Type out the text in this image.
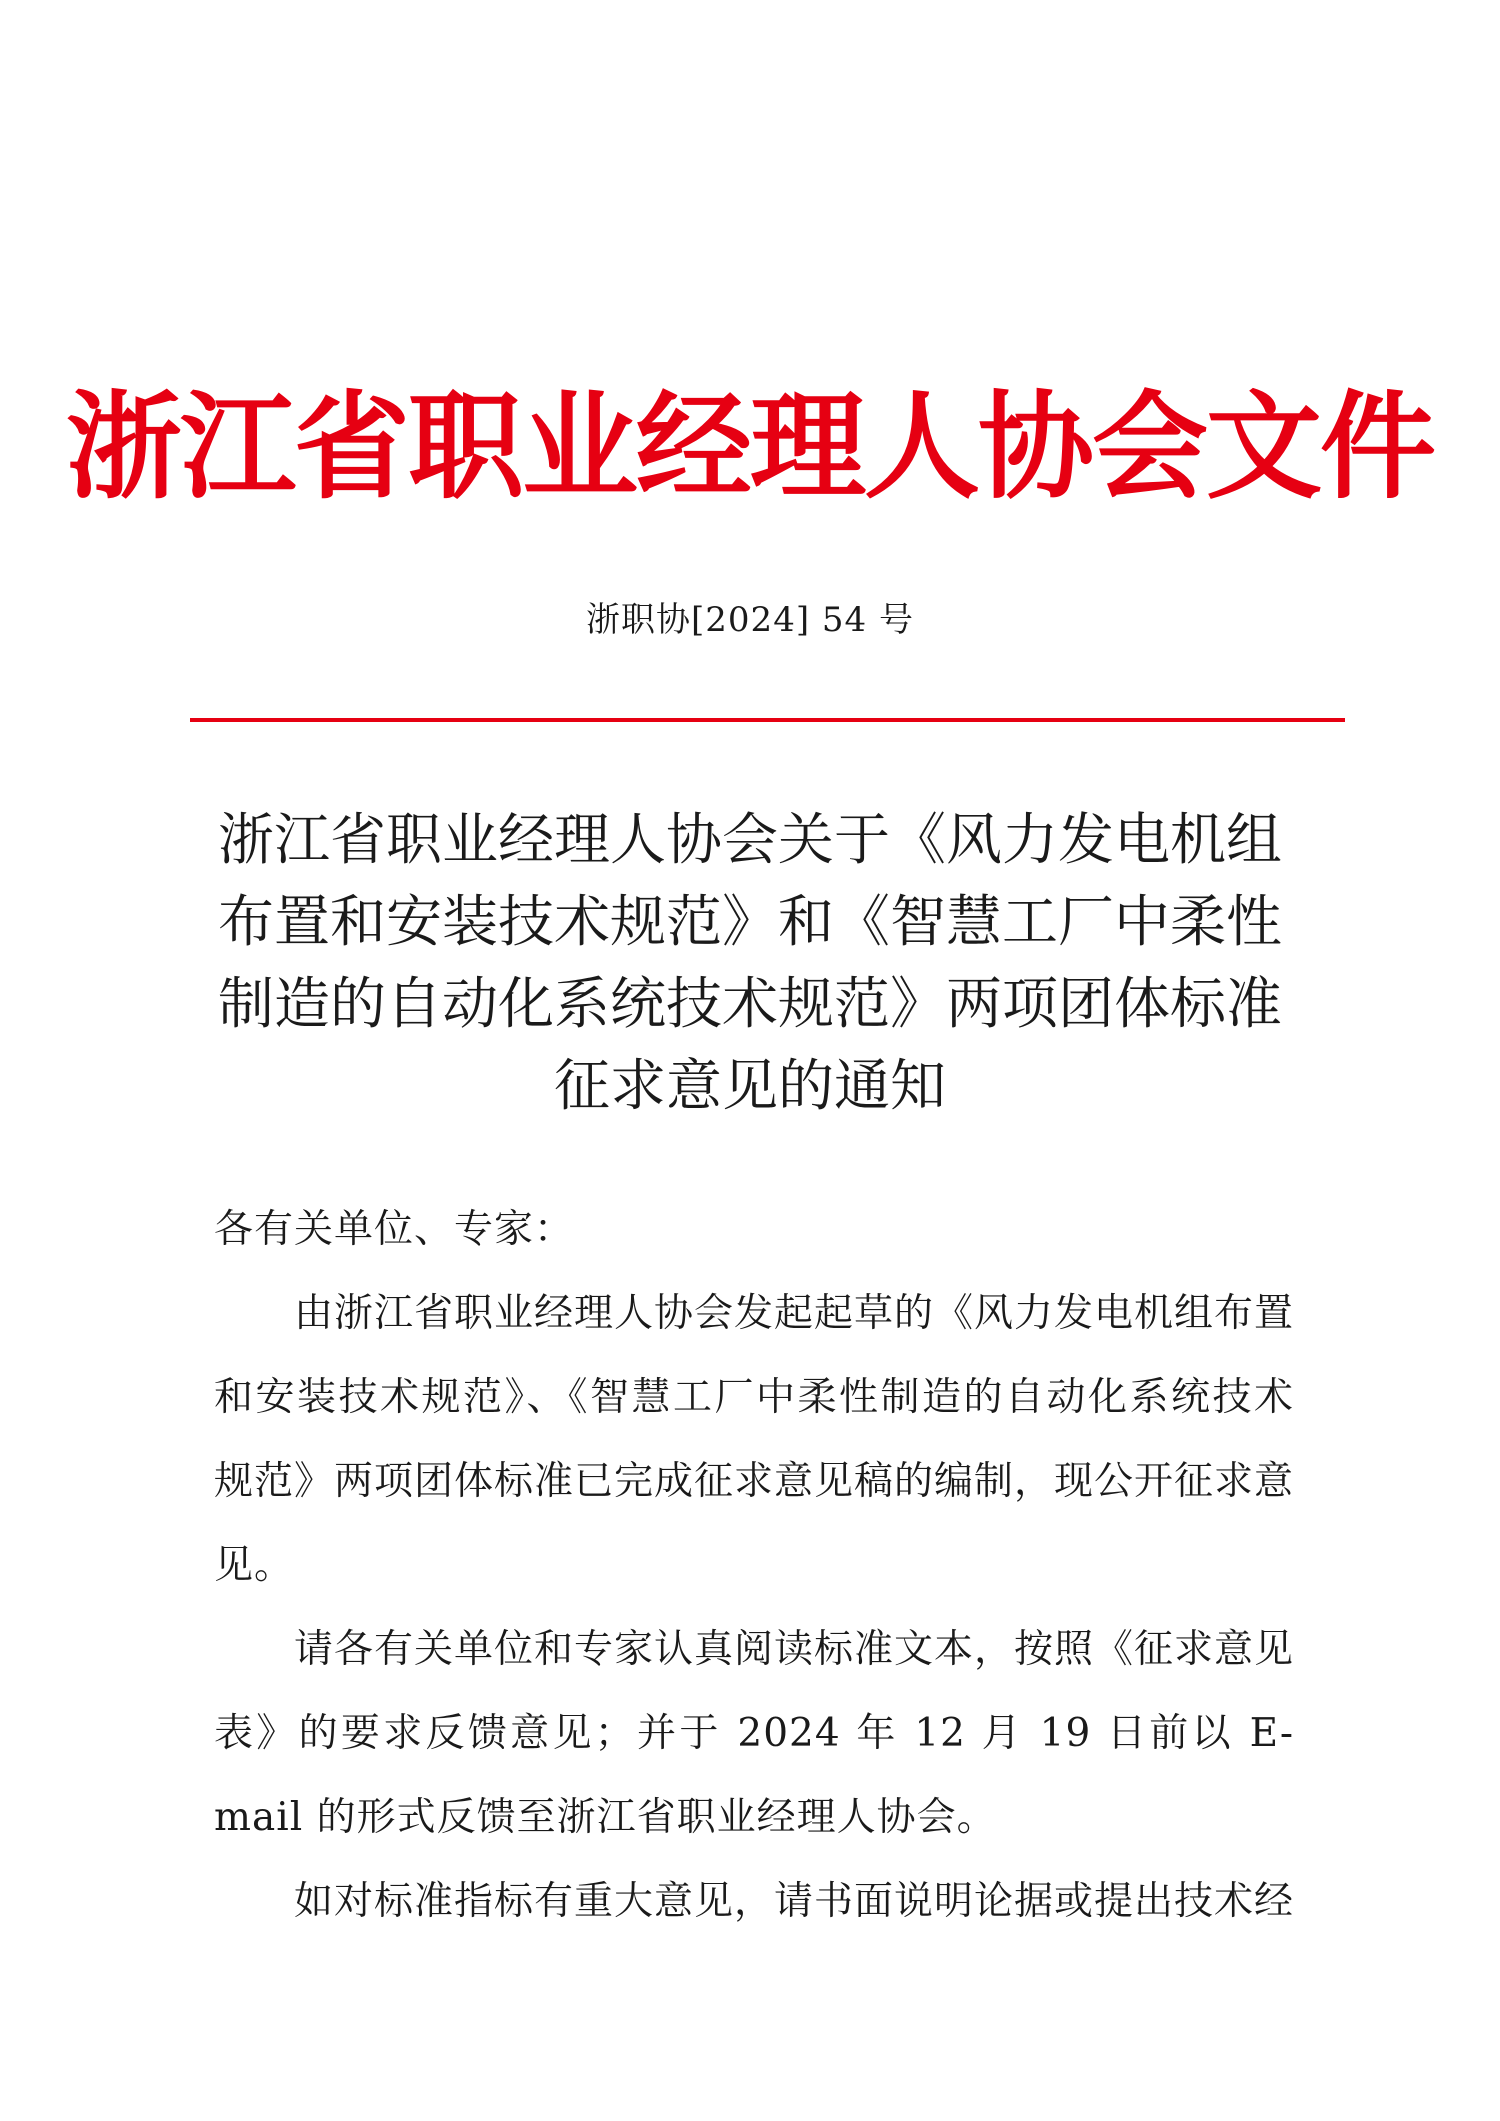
浙江省职业经理人协会文件
浙职协[2024] 54 号
浙江省职业经理人协会关于《风力发电机组
布置和安装技术规范》和《智慧工厂中柔性
制造的自动化系统技术规范》两项团体标准
征求意见的通知

各有关单位、专家：

由浙江省职业经理人协会发起起草的《风力发电机组布置和安装技术规范》、《智慧工厂中柔性制造的自动化系统技术规范》两项团体标准已完成征求意见稿的编制，现公开征求意见。

请各有关单位和专家认真阅读标准文本，按照《征求意见表》的要求反馈意见；并于 2024 年 12 月 19 日前以 E-mail 的形式反馈至浙江省职业经理人协会。

如对标准指标有重大意见，请书面说明论据或提出技术经
